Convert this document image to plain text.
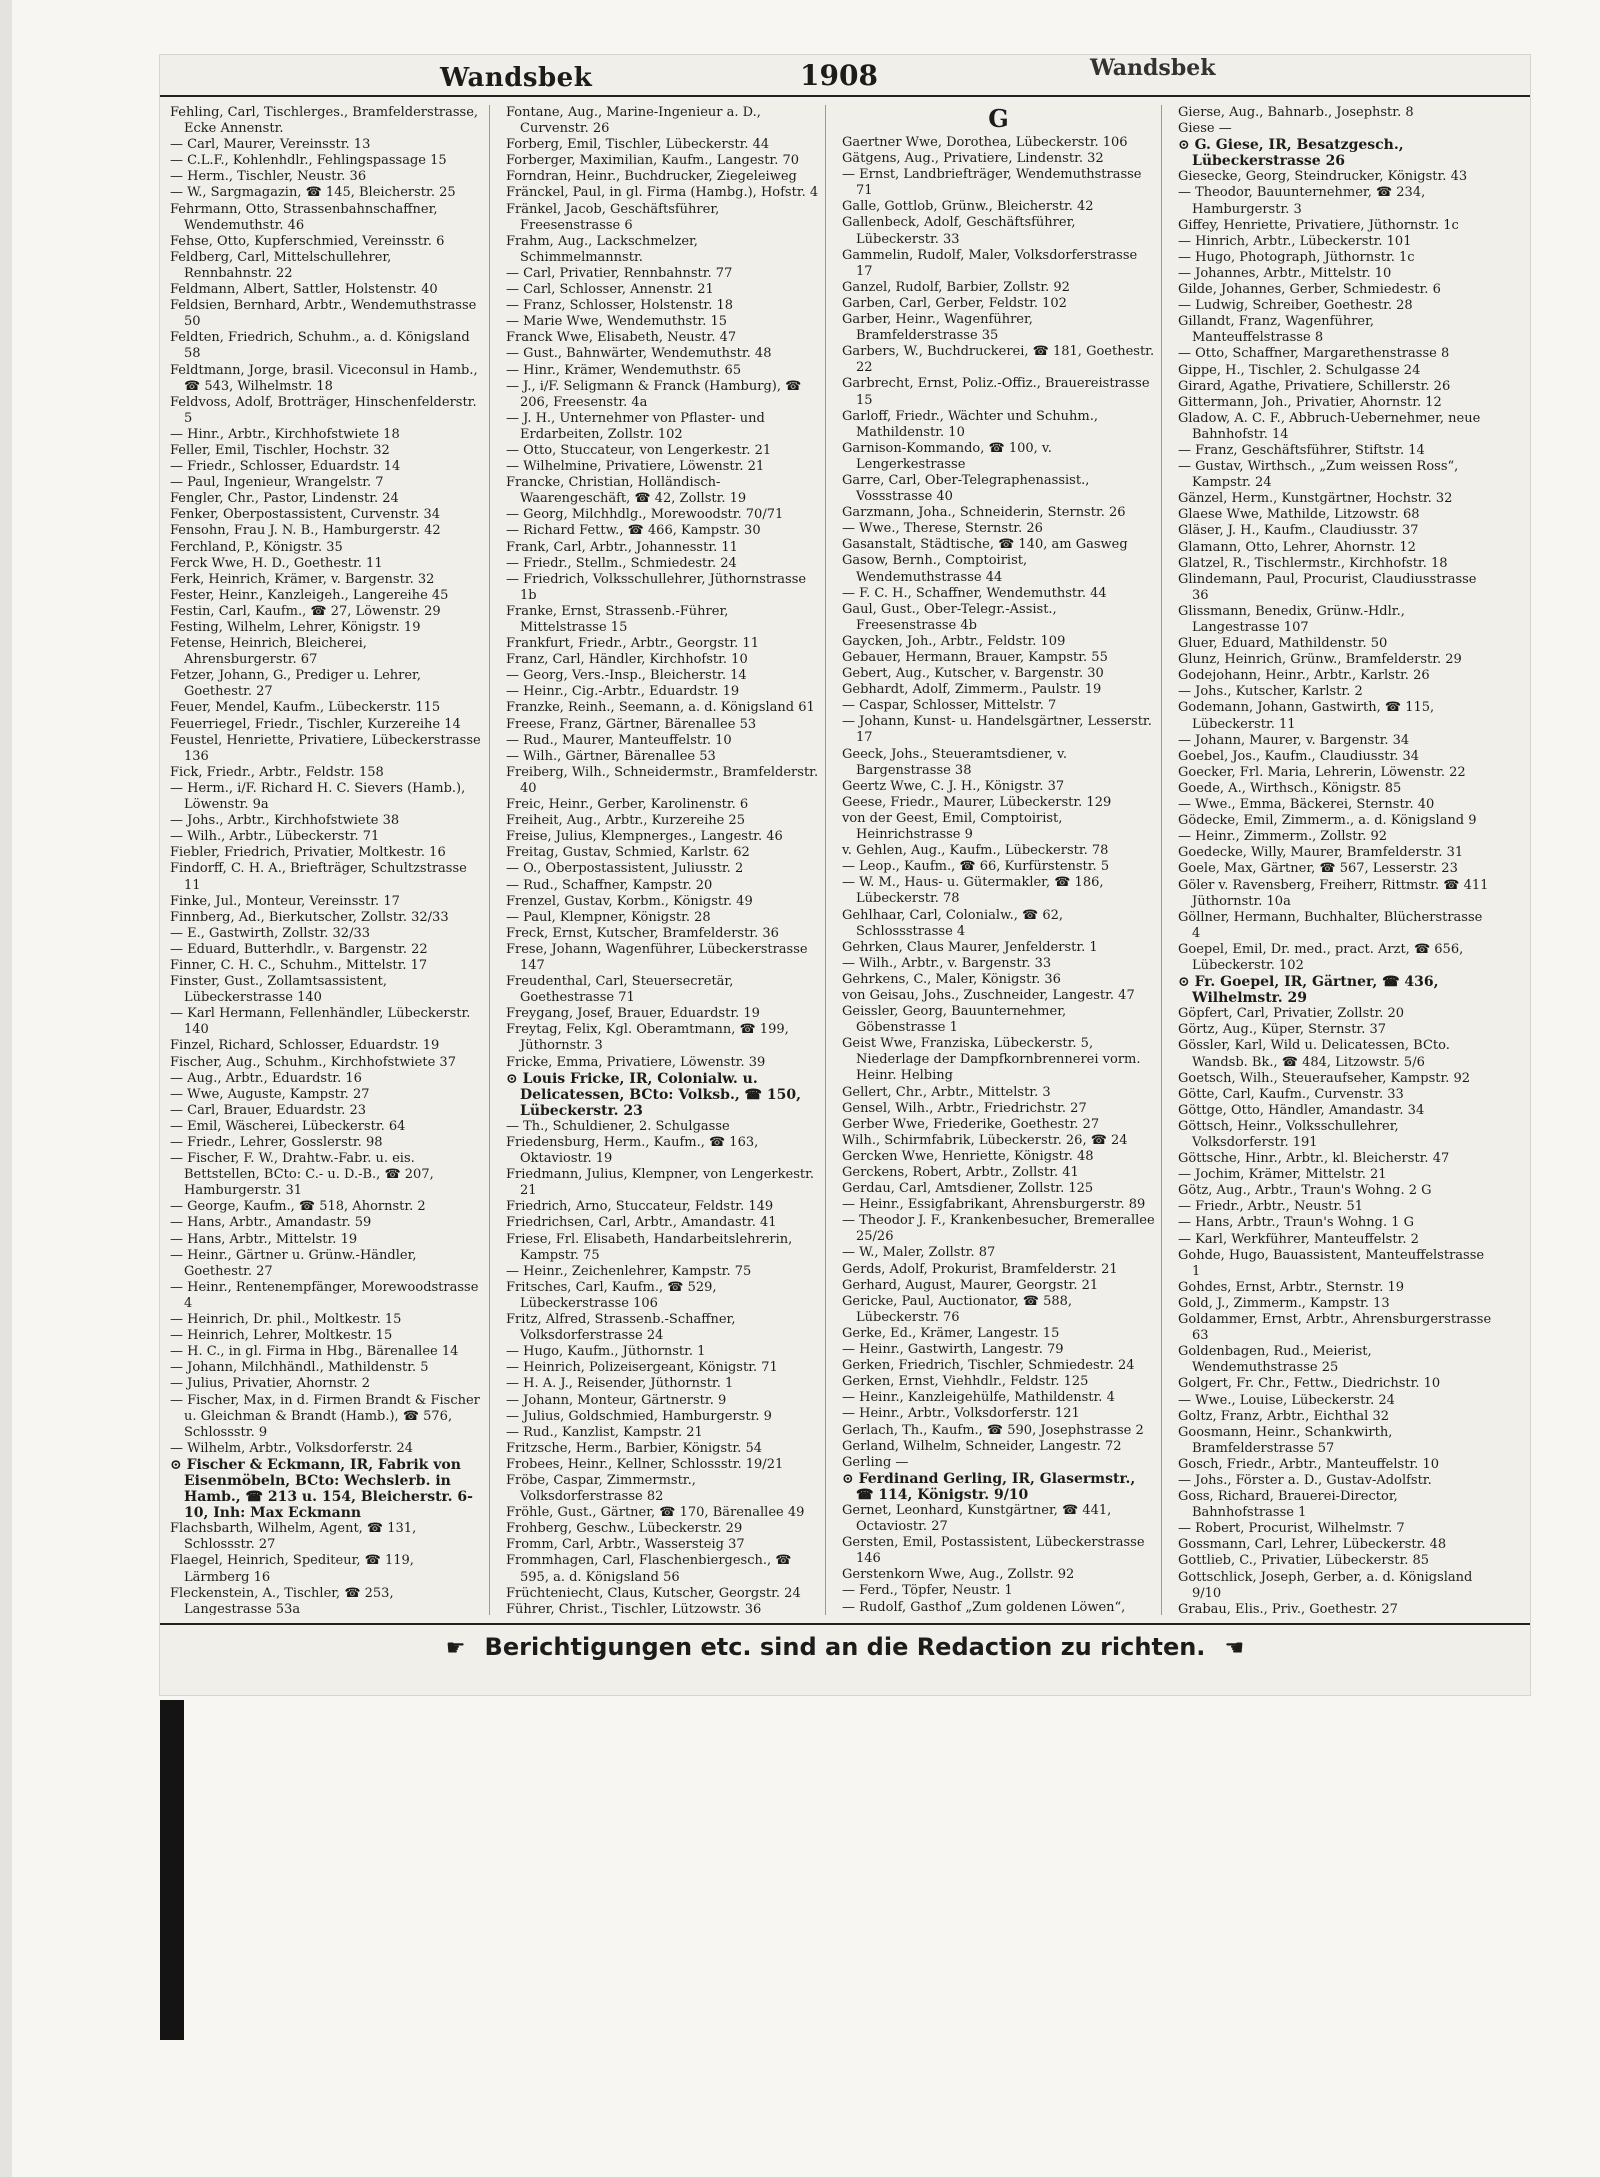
Wandsbek	1908	Wandsbek

Fehling, Carl, Tischlerges., Bramfelderstrasse, Ecke Annenstr.

— Carl, Maurer, Vereinsstr. 13

— C.L.F., Kohlenhdlr., Fehlingspassage 15

— Herm., Tischler, Neustr. 36

— W., Sargmagazin, ☎ 145, Bleicherstr. 25

Fehrmann, Otto, Strassenbahnschaffner, Wendemuthstr. 46

Fehse, Otto, Kupferschmied, Vereinsstr. 6

Feldberg, Carl, Mittelschullehrer, Rennbahnstr. 22

Feldmann, Albert, Sattler, Holstenstr. 40

Feldsien, Bernhard, Arbtr., Wendemuthstrasse 50

Feldten, Friedrich, Schuhm., a. d. Königsland 58

Feldtmann, Jorge, brasil. Viceconsul in Hamb., ☎ 543, Wilhelmstr. 18

Feldvoss, Adolf, Brotträger, Hinschenfelderstr. 5

— Hinr., Arbtr., Kirchhofstwiete 18

Feller, Emil, Tischler, Hochstr. 32

— Friedr., Schlosser, Eduardstr. 14

— Paul, Ingenieur, Wrangelstr. 7

Fengler, Chr., Pastor, Lindenstr. 24

Fenker, Oberpostassistent, Curvenstr. 34

Fensohn, Frau J. N. B., Hamburgerstr. 42

Ferchland, P., Königstr. 35

Ferck Wwe, H. D., Goethestr. 11

Ferk, Heinrich, Krämer, v. Bargenstr. 32

Fester, Heinr., Kanzleigeh., Langereihe 45

Festin, Carl, Kaufm., ☎ 27, Löwenstr. 29

Festing, Wilhelm, Lehrer, Königstr. 19

Fetense, Heinrich, Bleicherei, Ahrensburgerstr. 67

Fetzer, Johann, G., Prediger u. Lehrer, Goethestr. 27

Feuer, Mendel, Kaufm., Lübeckerstr. 115

Feuerriegel, Friedr., Tischler, Kurzereihe 14

Feustel, Henriette, Privatiere, Lübeckerstrasse 136

Fick, Friedr., Arbtr., Feldstr. 158

— Herm., i/F. Richard H. C. Sievers (Hamb.), Löwenstr. 9a

— Johs., Arbtr., Kirchhofstwiete 38

— Wilh., Arbtr., Lübeckerstr. 71

Fiebler, Friedrich, Privatier, Moltkestr. 16

Findorff, C. H. A., Briefträger, Schultzstrasse 11

Finke, Jul., Monteur, Vereinsstr. 17

Finnberg, Ad., Bierkutscher, Zollstr. 32/33

— E., Gastwirth, Zollstr. 32/33

— Eduard, Butterhdlr., v. Bargenstr. 22

Finner, C. H. C., Schuhm., Mittelstr. 17

Finster, Gust., Zollamtsassistent, Lübeckerstrasse 140

— Karl Hermann, Fellenhändler, Lübeckerstr. 140

Finzel, Richard, Schlosser, Eduardstr. 19

Fischer, Aug., Schuhm., Kirchhofstwiete 37

— Aug., Arbtr., Eduardstr. 16

— Wwe, Auguste, Kampstr. 27

— Carl, Brauer, Eduardstr. 23

— Emil, Wäscherei, Lübeckerstr. 64

— Friedr., Lehrer, Gosslerstr. 98

— Fischer, F. W., Drahtw.-Fabr. u. eis. Bettstellen, BCto: C.- u. D.-B., ☎ 207, Hamburgerstr. 31

— George, Kaufm., ☎ 518, Ahornstr. 2

— Hans, Arbtr., Amandastr. 59

— Hans, Arbtr., Mittelstr. 19

— Heinr., Gärtner u. Grünw.-Händler, Goethestr. 27

— Heinr., Rentenempfänger, Morewoodstrasse 4

— Heinrich, Dr. phil., Moltkestr. 15

— Heinrich, Lehrer, Moltkestr. 15

— H. C., in gl. Firma in Hbg., Bärenallee 14

— Johann, Milchhändl., Mathildenstr. 5

— Julius, Privatier, Ahornstr. 2

— Fischer, Max, in d. Firmen Brandt & Fischer u. Gleichman & Brandt (Hamb.), ☎ 576, Schlossstr. 9

— Wilhelm, Arbtr., Volksdorferstr. 24

⊙ Fischer & Eckmann, IR, Fabrik von Eisenmöbeln, BCto: Wechslerb. in Hamb., ☎ 213 u. 154, Bleicherstr. 6-10, Inh: Max Eckmann

Flachsbarth, Wilhelm, Agent, ☎ 131, Schlossstr. 27

Flaegel, Heinrich, Spediteur, ☎ 119, Lärmberg 16

Fleckenstein, A., Tischler, ☎ 253, Langestrasse 53a

Fontane, Aug., Marine-Ingenieur a. D., Curvenstr. 26

Forberg, Emil, Tischler, Lübeckerstr. 44

Forberger, Maximilian, Kaufm., Langestr. 70

Forndran, Heinr., Buchdrucker, Ziegeleiweg

Fränckel, Paul, in gl. Firma (Hambg.), Hofstr. 4

Fränkel, Jacob, Geschäftsführer, Freesenstrasse 6

Frahm, Aug., Lackschmelzer, Schimmelmannstr.

— Carl, Privatier, Rennbahnstr. 77

— Carl, Schlosser, Annenstr. 21

— Franz, Schlosser, Holstenstr. 18

— Marie Wwe, Wendemuthstr. 15

Franck Wwe, Elisabeth, Neustr. 47

— Gust., Bahnwärter, Wendemuthstr. 48

— Hinr., Krämer, Wendemuthstr. 65

— J., i/F. Seligmann & Franck (Hamburg), ☎ 206, Freesenstr. 4a

— J. H., Unternehmer von Pflaster- und Erdarbeiten, Zollstr. 102

— Otto, Stuccateur, von Lengerkestr. 21

— Wilhelmine, Privatiere, Löwenstr. 21

Francke, Christian, Holländisch-Waarengeschäft, ☎ 42, Zollstr. 19

— Georg, Milchhdlg., Morewoodstr. 70/71

— Richard Fettw., ☎ 466, Kampstr. 30

Frank, Carl, Arbtr., Johannesstr. 11

— Friedr., Stellm., Schmiedestr. 24

— Friedrich, Volksschullehrer, Jüthornstrasse 1b

Franke, Ernst, Strassenb.-Führer, Mittelstrasse 15

Frankfurt, Friedr., Arbtr., Georgstr. 11

Franz, Carl, Händler, Kirchhofstr. 10

— Georg, Vers.-Insp., Bleicherstr. 14

— Heinr., Cig.-Arbtr., Eduardstr. 19

Franzke, Reinh., Seemann, a. d. Königsland 61

Freese, Franz, Gärtner, Bärenallee 53

— Rud., Maurer, Manteuffelstr. 10

— Wilh., Gärtner, Bärenallee 53

Freiberg, Wilh., Schneidermstr., Bramfelderstr. 40

Freic, Heinr., Gerber, Karolinenstr. 6

Freiheit, Aug., Arbtr., Kurzereihe 25

Freise, Julius, Klempnerges., Langestr. 46

Freitag, Gustav, Schmied, Karlstr. 62

— O., Oberpostassistent, Juliusstr. 2

— Rud., Schaffner, Kampstr. 20

Frenzel, Gustav, Korbm., Königstr. 49

— Paul, Klempner, Königstr. 28

Freck, Ernst, Kutscher, Bramfelderstr. 36

Frese, Johann, Wagenführer, Lübeckerstrasse 147

Freudenthal, Carl, Steuersecretär, Goethestrasse 71

Freygang, Josef, Brauer, Eduardstr. 19

Freytag, Felix, Kgl. Oberamtmann, ☎ 199, Jüthornstr. 3

Fricke, Emma, Privatiere, Löwenstr. 39

⊙ Louis Fricke, IR, Colonialw. u. Delicatessen, BCto: Volksb., ☎ 150, Lübeckerstr. 23

— Th., Schuldiener, 2. Schulgasse

Friedensburg, Herm., Kaufm., ☎ 163, Oktaviostr. 19

Friedmann, Julius, Klempner, von Lengerkestr. 21

Friedrich, Arno, Stuccateur, Feldstr. 149

Friedrichsen, Carl, Arbtr., Amandastr. 41

Friese, Frl. Elisabeth, Handarbeitslehrerin, Kampstr. 75

— Heinr., Zeichenlehrer, Kampstr. 75

Fritsches, Carl, Kaufm., ☎ 529, Lübeckerstrasse 106

Fritz, Alfred, Strassenb.-Schaffner, Volksdorferstrasse 24

— Hugo, Kaufm., Jüthornstr. 1

— Heinrich, Polizeisergeant, Königstr. 71

— H. A. J., Reisender, Jüthornstr. 1

— Johann, Monteur, Gärtnerstr. 9

— Julius, Goldschmied, Hamburgerstr. 9

— Rud., Kanzlist, Kampstr. 21

Fritzsche, Herm., Barbier, Königstr. 54

Frobees, Heinr., Kellner, Schlossstr. 19/21

Fröbe, Caspar, Zimmermstr., Volksdorferstrasse 82

Fröhle, Gust., Gärtner, ☎ 170, Bärenallee 49

Frohberg, Geschw., Lübeckerstr. 29

Fromm, Carl, Arbtr., Wassersteig 37

Frommhagen, Carl, Flaschenbiergesch., ☎ 595, a. d. Königsland 56

Früchteniecht, Claus, Kutscher, Georgstr. 24

Führer, Christ., Tischler, Lützowstr. 36

G

Gaertner Wwe, Dorothea, Lübeckerstr. 106

Gätgens, Aug., Privatiere, Lindenstr. 32

— Ernst, Landbriefträger, Wendemuthstrasse 71

Galle, Gottlob, Grünw., Bleicherstr. 42

Gallenbeck, Adolf, Geschäftsführer, Lübeckerstr. 33

Gammelin, Rudolf, Maler, Volksdorferstrasse 17

Ganzel, Rudolf, Barbier, Zollstr. 92

Garben, Carl, Gerber, Feldstr. 102

Garber, Heinr., Wagenführer, Bramfelderstrasse 35

Garbers, W., Buchdruckerei, ☎ 181, Goethestr. 22

Garbrecht, Ernst, Poliz.-Offiz., Brauereistrasse 15

Garloff, Friedr., Wächter und Schuhm., Mathildenstr. 10

Garnison-Kommando, ☎ 100, v. Lengerkestrasse

Garre, Carl, Ober-Telegraphenassist., Vossstrasse 40

Garzmann, Joha., Schneiderin, Sternstr. 26

— Wwe., Therese, Sternstr. 26

Gasanstalt, Städtische, ☎ 140, am Gasweg

Gasow, Bernh., Comptoirist, Wendemuthstrasse 44

— F. C. H., Schaffner, Wendemuthstr. 44

Gaul, Gust., Ober-Telegr.-Assist., Freesenstrasse 4b

Gaycken, Joh., Arbtr., Feldstr. 109

Gebauer, Hermann, Brauer, Kampstr. 55

Gebert, Aug., Kutscher, v. Bargenstr. 30

Gebhardt, Adolf, Zimmerm., Paulstr. 19

— Caspar, Schlosser, Mittelstr. 7

— Johann, Kunst- u. Handelsgärtner, Lesserstr. 17

Geeck, Johs., Steueramtsdiener, v. Bargenstrasse 38

Geertz Wwe, C. J. H., Königstr. 37

Geese, Friedr., Maurer, Lübeckerstr. 129

von der Geest, Emil, Comptoirist, Heinrichstrasse 9

v. Gehlen, Aug., Kaufm., Lübeckerstr. 78

— Leop., Kaufm., ☎ 66, Kurfürstenstr. 5

— W. M., Haus- u. Gütermakler, ☎ 186, Lübeckerstr. 78

Gehlhaar, Carl, Colonialw., ☎ 62, Schlossstrasse 4

Gehrken, Claus Maurer, Jenfelderstr. 1

— Wilh., Arbtr., v. Bargenstr. 33

Gehrkens, C., Maler, Königstr. 36

von Geisau, Johs., Zuschneider, Langestr. 47

Geissler, Georg, Bauunternehmer, Göbenstrasse 1

Geist Wwe, Franziska, Lübeckerstr. 5, Niederlage der Dampfkornbrennerei vorm. Heinr. Helbing

Gellert, Chr., Arbtr., Mittelstr. 3

Gensel, Wilh., Arbtr., Friedrichstr. 27

Gerber Wwe, Friederike, Goethestr. 27

Wilh., Schirmfabrik, Lübeckerstr. 26, ☎ 24

Gercken Wwe, Henriette, Königstr. 48

Gerckens, Robert, Arbtr., Zollstr. 41

Gerdau, Carl, Amtsdiener, Zollstr. 125

— Heinr., Essigfabrikant, Ahrensburgerstr. 89

— Theodor J. F., Krankenbesucher, Bremerallee 25/26

— W., Maler, Zollstr. 87

Gerds, Adolf, Prokurist, Bramfelderstr. 21

Gerhard, August, Maurer, Georgstr. 21

Gericke, Paul, Auctionator, ☎ 588, Lübeckerstr. 76

Gerke, Ed., Krämer, Langestr. 15

— Heinr., Gastwirth, Langestr. 79

Gerken, Friedrich, Tischler, Schmiedestr. 24

Gerken, Ernst, Viehhdlr., Feldstr. 125

— Heinr., Kanzleigehülfe, Mathildenstr. 4

— Heinr., Arbtr., Volksdorferstr. 121

Gerlach, Th., Kaufm., ☎ 590, Josephstrasse 2

Gerland, Wilhelm, Schneider, Langestr. 72

Gerling —

⊙ Ferdinand Gerling, IR, Glasermstr., ☎ 114, Königstr. 9/10

Gernet, Leonhard, Kunstgärtner, ☎ 441, Octaviostr. 27

Gersten, Emil, Postassistent, Lübeckerstrasse 146

Gerstenkorn Wwe, Aug., Zollstr. 92

— Ferd., Töpfer, Neustr. 1

— Rudolf, Gasthof „Zum goldenen Löwen“,

Gierse, Aug., Bahnarb., Josephstr. 8

Giese —

⊙ G. Giese, IR, Besatzgesch., Lübeckerstrasse 26

Giesecke, Georg, Steindrucker, Königstr. 43

— Theodor, Bauunternehmer, ☎ 234, Hamburgerstr. 3

Giffey, Henriette, Privatiere, Jüthornstr. 1c

— Hinrich, Arbtr., Lübeckerstr. 101

— Hugo, Photograph, Jüthornstr. 1c

— Johannes, Arbtr., Mittelstr. 10

Gilde, Johannes, Gerber, Schmiedestr. 6

— Ludwig, Schreiber, Goethestr. 28

Gillandt, Franz, Wagenführer, Manteuffelstrasse 8

— Otto, Schaffner, Margarethenstrasse 8

Gippe, H., Tischler, 2. Schulgasse 24

Girard, Agathe, Privatiere, Schillerstr. 26

Gittermann, Joh., Privatier, Ahornstr. 12

Gladow, A. C. F., Abbruch-Uebernehmer, neue Bahnhofstr. 14

— Franz, Geschäftsführer, Stiftstr. 14

— Gustav, Wirthsch., „Zum weissen Ross“, Kampstr. 24

Gänzel, Herm., Kunstgärtner, Hochstr. 32

Glaese Wwe, Mathilde, Litzowstr. 68

Gläser, J. H., Kaufm., Claudiusstr. 37

Glamann, Otto, Lehrer, Ahornstr. 12

Glatzel, R., Tischlermstr., Kirchhofstr. 18

Glindemann, Paul, Procurist, Claudiusstrasse 36

Glissmann, Benedix, Grünw.-Hdlr., Langestrasse 107

Gluer, Eduard, Mathildenstr. 50

Glunz, Heinrich, Grünw., Bramfelderstr. 29

Godejohann, Heinr., Arbtr., Karlstr. 26

— Johs., Kutscher, Karlstr. 2

Godemann, Johann, Gastwirth, ☎ 115, Lübeckerstr. 11

— Johann, Maurer, v. Bargenstr. 34

Goebel, Jos., Kaufm., Claudiusstr. 34

Goecker, Frl. Maria, Lehrerin, Löwenstr. 22

Goede, A., Wirthsch., Königstr. 85

— Wwe., Emma, Bäckerei, Sternstr. 40

Gödecke, Emil, Zimmerm., a. d. Königsland 9

— Heinr., Zimmerm., Zollstr. 92

Goedecke, Willy, Maurer, Bramfelderstr. 31

Goele, Max, Gärtner, ☎ 567, Lesserstr. 23

Göler v. Ravensberg, Freiherr, Rittmstr. ☎ 411 Jüthornstr. 10a

Göllner, Hermann, Buchhalter, Blücherstrasse 4

Goepel, Emil, Dr. med., pract. Arzt, ☎ 656, Lübeckerstr. 102

⊙ Fr. Goepel, IR, Gärtner, ☎ 436, Wilhelmstr. 29

Göpfert, Carl, Privatier, Zollstr. 20

Görtz, Aug., Küper, Sternstr. 37

Gössler, Karl, Wild u. Delicatessen, BCto. Wandsb. Bk., ☎ 484, Litzowstr. 5/6

Goetsch, Wilh., Steueraufseher, Kampstr. 92

Götte, Carl, Kaufm., Curvenstr. 33

Göttge, Otto, Händler, Amandastr. 34

Göttsch, Heinr., Volksschullehrer, Volksdorferstr. 191

Göttsche, Hinr., Arbtr., kl. Bleicherstr. 47

— Jochim, Krämer, Mittelstr. 21

Götz, Aug., Arbtr., Traun's Wohng. 2 G

— Friedr., Arbtr., Neustr. 51

— Hans, Arbtr., Traun's Wohng. 1 G

— Karl, Werkführer, Manteuffelstr. 2

Gohde, Hugo, Bauassistent, Manteuffelstrasse 1

Gohdes, Ernst, Arbtr., Sternstr. 19

Gold, J., Zimmerm., Kampstr. 13

Goldammer, Ernst, Arbtr., Ahrensburgerstrasse 63

Goldenbagen, Rud., Meierist, Wendemuthstrasse 25

Golgert, Fr. Chr., Fettw., Diedrichstr. 10

— Wwe., Louise, Lübeckerstr. 24

Goltz, Franz, Arbtr., Eichthal 32

Goosmann, Heinr., Schankwirth, Bramfelderstrasse 57

Gosch, Friedr., Arbtr., Manteuffelstr. 10

— Johs., Förster a. D., Gustav-Adolfstr.

Goss, Richard, Brauerei-Director, Bahnhofstrasse 1

— Robert, Procurist, Wilhelmstr. 7

Gossmann, Carl, Lehrer, Lübeckerstr. 48

Gottlieb, C., Privatier, Lübeckerstr. 85

Gottschlick, Joseph, Gerber, a. d. Königsland 9/10

Grabau, Elis., Priv., Goethestr. 27

☛ Berichtigungen etc. sind an die Redaction zu richten. ☚
